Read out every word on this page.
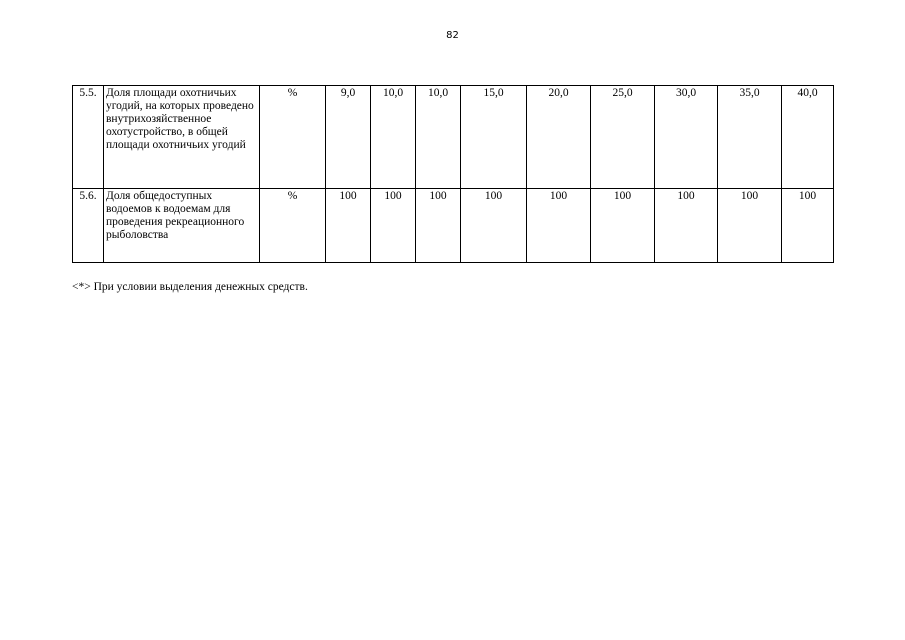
82
5.5.	Доля площади охотничьих угодий, на которых проведено внутрихозяйственное охотустройство, в общей площади охотничьих угодий	%	9,0	10,0	10,0	15,0	20,0	25,0	30,0	35,0	40,0
5.6.	Доля общедоступных водоемов к водоемам для проведения рекреационного рыболовства	%	100	100	100	100	100	100	100	100	100
<*> При условии выделения денежных средств.
